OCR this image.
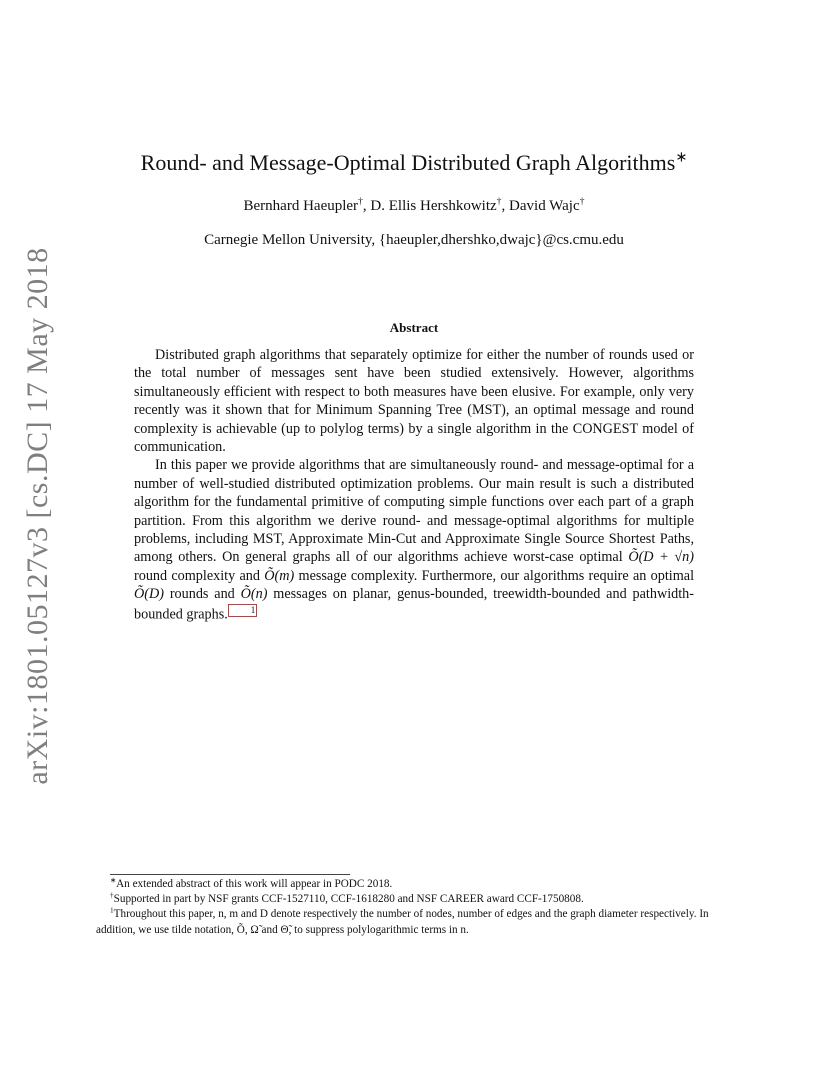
arXiv:1801.05127v3 [cs.DC] 17 May 2018
Round- and Message-Optimal Distributed Graph Algorithms∗
Bernhard Haeupler†, D. Ellis Hershkowitz†, David Wajc†
Carnegie Mellon University, {haeupler,dhershko,dwajc}@cs.cmu.edu
Abstract

Distributed graph algorithms that separately optimize for either the number of rounds used or the total number of messages sent have been studied extensively. However, algorithms simultaneously efficient with respect to both measures have been elusive. For example, only very recently was it shown that for Minimum Spanning Tree (MST), an optimal message and round complexity is achievable (up to polylog terms) by a single algorithm in the CONGEST model of communication.

In this paper we provide algorithms that are simultaneously round- and message-optimal for a number of well-studied distributed optimization problems. Our main result is such a distributed algorithm for the fundamental primitive of computing simple functions over each part of a graph partition. From this algorithm we derive round- and message-optimal algorithms for multiple problems, including MST, Approximate Min-Cut and Approximate Single Source Shortest Paths, among others. On general graphs all of our algorithms achieve worst-case optimal Õ(D + √n) round complexity and Õ(m) message complexity. Furthermore, our algorithms require an optimal Õ(D) rounds and Õ(n) messages on planar, genus-bounded, treewidth-bounded and pathwidth-bounded graphs.	1

∗An extended abstract of this work will appear in PODC 2018.

†Supported in part by NSF grants CCF-1527110, CCF-1618280 and NSF CAREER award CCF-1750808.

$^1$Throughout this paper, n, m and D denote respectively the number of nodes, number of edges and the graph diameter respectively. In addition, we use tilde notation, Õ, Ω̃ and Θ̃, to suppress polylogarithmic terms in n.
